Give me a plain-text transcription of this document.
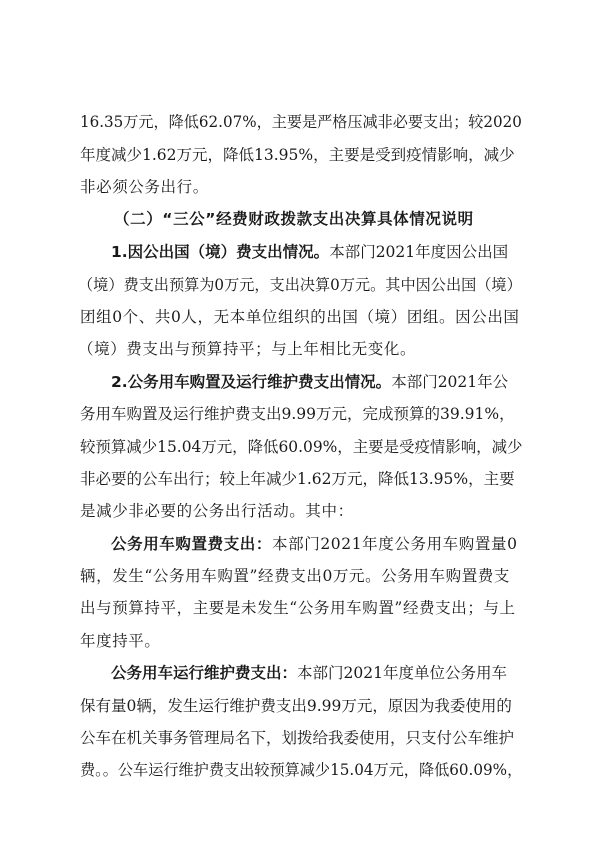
16.35万元，降低62.07%，主要是严格压减非必要支出；较2020
年度减少1.62万元，降低13.95%，主要是受到疫情影响，减少
非必须公务出行。
（二）“三公”经费财政拨款支出决算具体情况说明
1.因公出国（境）费支出情况。本部门2021年度因公出国
（境）费支出预算为0万元，支出决算0万元。其中因公出国（境）
团组0个、共0人，无本单位组织的出国（境）团组。因公出国
（境）费支出与预算持平；与上年相比无变化。
2.公务用车购置及运行维护费支出情况。本部门2021年公
务用车购置及运行维护费支出9.99万元，完成预算的39.91%，
较预算减少15.04万元，降低60.09%，主要是受疫情影响，减少
非必要的公车出行；较上年减少1.62万元，降低13.95%，主要
是减少非必要的公务出行活动。其中：
公务用车购置费支出：本部门2021年度公务用车购置量0
辆，发生“公务用车购置”经费支出0万元。公务用车购置费支
出与预算持平，主要是未发生“公务用车购置”经费支出；与上
年度持平。
公务用车运行维护费支出：本部门2021年度单位公务用车
保有量0辆，发生运行维护费支出9.99万元，原因为我委使用的
公车在机关事务管理局名下，划拨给我委使用，只支付公车维护
费。。公车运行维护费支出较预算减少15.04万元，降低60.09%，
